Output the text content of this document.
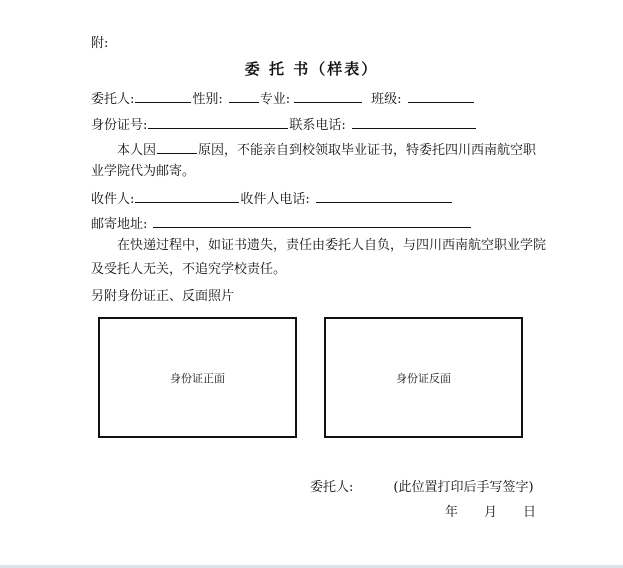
附:
委 托 书（样表）
委托人:	性别:	专业:	班级:
身份证号:	联系电话:
本人因	原因，不能亲自到校领取毕业证书，特委托四川西南航空职
业学院代为邮寄。
收件人:	收件人电话:
邮寄地址:
在快递过程中，如证书遗失，责任由委托人自负，与四川西南航空职业学院
及受托人无关，不追究学校责任。
另附身份证正、反面照片
身份证正面	身份证反面
委托人:	(此位置打印后手写签字)
年　　月　　日
